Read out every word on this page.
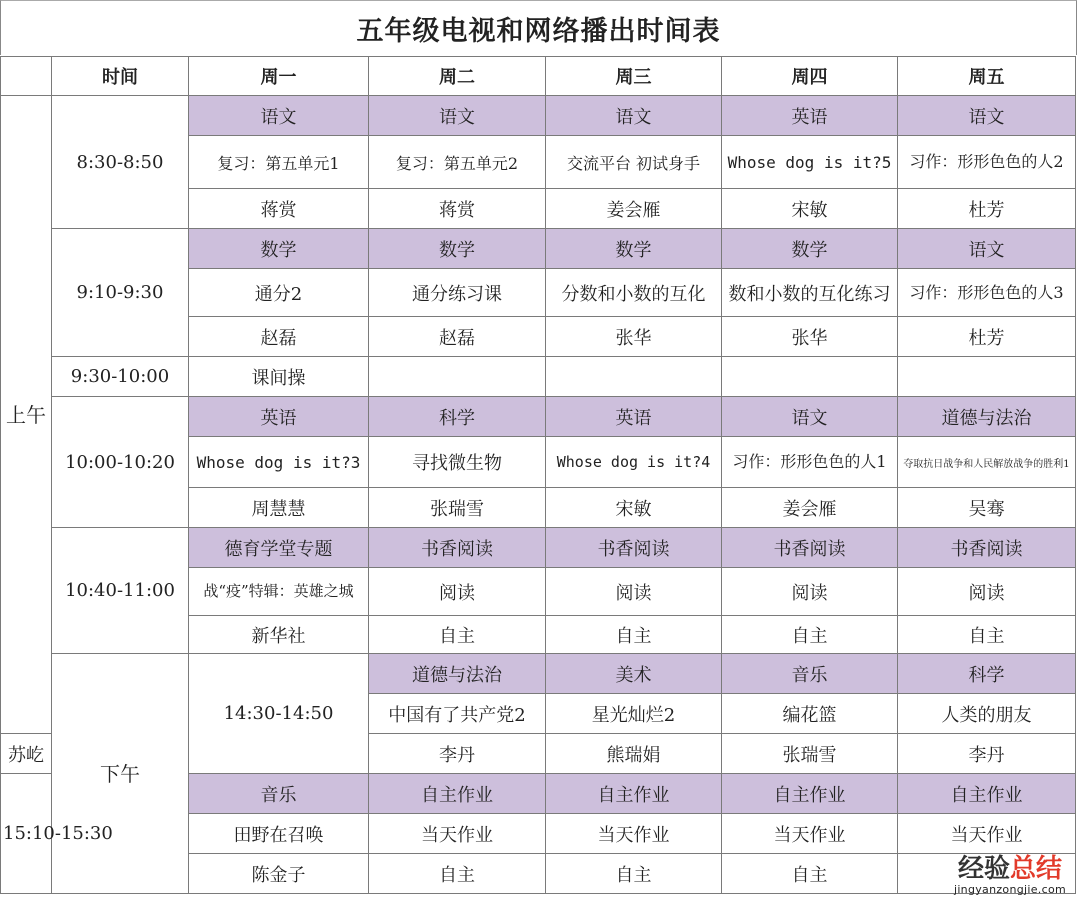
五年级电视和网络播出时间表
	时间	周一	周二	周三	周四	周五	
上午	8:30-8:50	语文	语文	语文	英语	语文	
		复习：第五单元1	复习：第五单元2	交流平台 初试身手	Whose dog is it?5	习作：形形色色的人2	
		蒋赏	蒋赏	姜会雁	宋敏	杜芳	
	9:10-9:30	数学	数学	数学	数学	语文	
		通分2	通分练习课	分数和小数的互化	数和小数的互化练习	习作：形形色色的人3	
		赵磊	赵磊	张华	张华	杜芳	
	9:30-10:00	课间操					
	10:00-10:20	英语	科学	英语	语文	道德与法治	
		Whose dog is it?3	寻找微生物	Whose dog is it?4	习作：形形色色的人1	夺取抗日战争和人民解放战争的胜利1	
		周慧慧	张瑞雪	宋敏	姜会雁	吴骞	
	10:40-11:00	德育学堂专题	书香阅读	书香阅读	书香阅读	书香阅读	
		战“疫”特辑：英雄之城	阅读	阅读	阅读	阅读	
		新华社	自主	自主	自主	自主	
	下午	14:30-14:50	道德与法治	美术	音乐	科学	
			中国有了共产党2	星光灿烂2	编花篮	人类的朋友	
苏屹			李丹	熊瑞娟	张瑞雪	李丹	
15:10-15:30		音乐	自主作业	自主作业	自主作业	自主作业	
		田野在召唤	当天作业	当天作业	当天作业	当天作业	
		陈金子	自主	自主	自主			经验总结
jingyanzongjie.com
